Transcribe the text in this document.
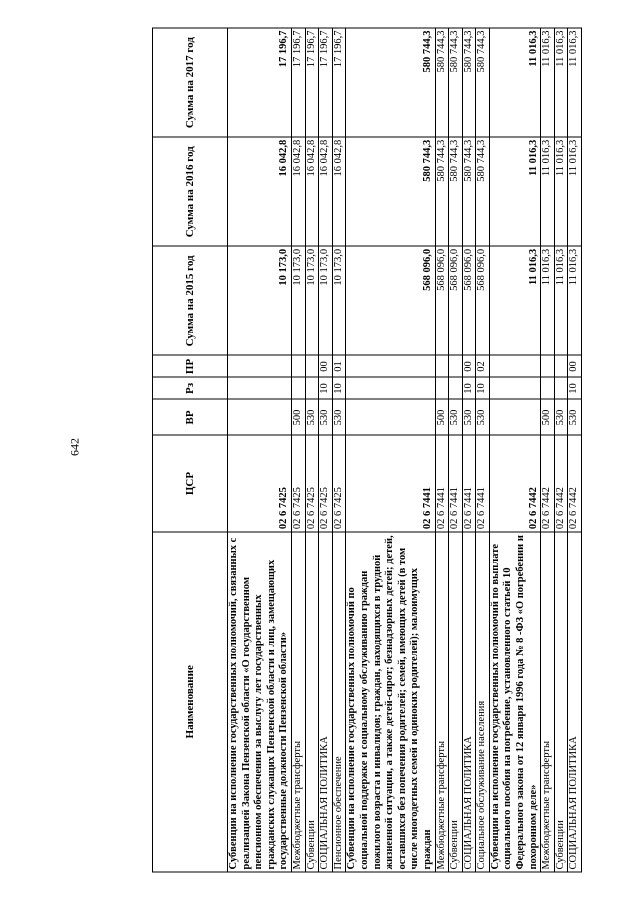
642
Наименование	ЦСР	ВР	Рз	ПР	Сумма на 2015 год	Сумма на 2016 год	Сумма на 2017 год
Субвенции на исполнение государственных полномочий, связанных с реализацией Закона Пензенской области «О государственном пенсионном обеспечении за выслугу лет государственных гражданских служащих Пензенской области и лиц, замещающих государственные должности Пензенской области»	02 6 7425				10 173,0	16 042,8	17 196,7
Межбюджетные трансферты	02 6 7425	500			10 173,0	16 042,8	17 196,7
Субвенции	02 6 7425	530			10 173,0	16 042,8	17 196,7
СОЦИАЛЬНАЯ ПОЛИТИКА	02 6 7425	530	10	00	10 173,0	16 042,8	17 196,7
Пенсионное обеспечение	02 6 7425	530	10	01	10 173,0	16 042,8	17 196,7
Субвенции на исполнение государственных полномочий по социальной поддержке и социальному обслуживанию граждан пожилого возраста и инвалидов; граждан, находящихся в трудной жизненной ситуации, а также детей-сирот; безнадзорных детей; детей, оставшихся без попечения родителей; семей, имеющих детей (в том числе многодетных семей и одиноких родителей); малоимущих граждан	02 6 7441				568 096,0	580 744,3	580 744,3
Межбюджетные трансферты	02 6 7441	500			568 096,0	580 744,3	580 744,3
Субвенции	02 6 7441	530			568 096,0	580 744,3	580 744,3
СОЦИАЛЬНАЯ ПОЛИТИКА	02 6 7441	530	10	00	568 096,0	580 744,3	580 744,3
Социальное обслуживание населения	02 6 7441	530	10	02	568 096,0	580 744,3	580 744,3
Субвенции на исполнение государственных полномочий по выплате социального пособия на погребение, установленного статьей 10 Федерального закона от 12 января 1996 года № 8 -ФЗ «О погребении и похоронном деле»	02 6 7442				11 016,3	11 016,3	11 016,3
Межбюджетные трансферты	02 6 7442	500			11 016,3	11 016,3	11 016,3
Субвенции	02 6 7442	530			11 016,3	11 016,3	11 016,3
СОЦИАЛЬНАЯ ПОЛИТИКА	02 6 7442	530	10	00	11 016,3	11 016,3	11 016,3
